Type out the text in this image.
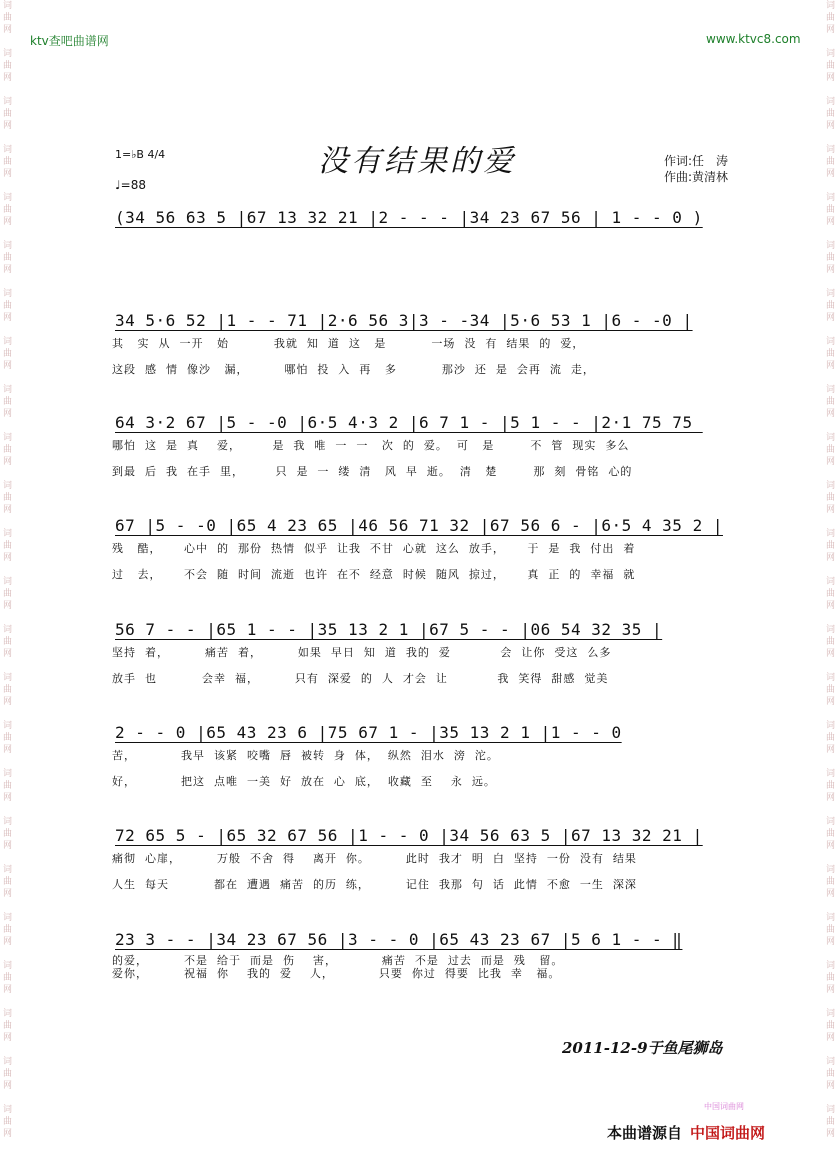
ktv查吧曲谱网	www.ktvc8.com
词
曲
网

词
曲
网

词
曲
网

词
曲
网

词
曲
网

词
曲
网

词
曲
网

词
曲
网

词
曲
网

词
曲
网

词
曲
网

词
曲
网

词
曲
网

词
曲
网

词
曲
网

词
曲
网

词
曲
网

词
曲
网

词
曲
网

词
曲
网

词
曲
网

词
曲
网

词
曲
网

词
曲
网
词
曲
网

词
曲
网

词
曲
网

词
曲
网

词
曲
网

词
曲
网

词
曲
网

词
曲
网

词
曲
网

词
曲
网

词
曲
网

词
曲
网

词
曲
网

词
曲
网

词
曲
网

词
曲
网

词
曲
网

词
曲
网

词
曲
网

词
曲
网

词
曲
网

词
曲
网

词
曲
网

词
曲
网
1=♭B 4/4
♩=88
没有结果的爱	作词:任　涛
作曲:黄清林
(34 56 63 5 |67 13 32 21 |2 - - - |34 23 67 56 | 1 - - 0 )
34 5·6 52 |1 - - 71 |2·6 56 3|3 - -34 |5·6 53 1 |6 - -0 |
其   实  从  一开   始          我就  知  道  这   是          一场  没  有  结果  的  爱，
这段  感  情  像沙   漏，        哪怕  投  入  再   多          那沙  还  是  会再  流  走，
64 3·2 67 |5 - -0 |6·5 4·3 2 |6 7 1 - |5 1 - - |2·1 75 75
哪怕  这  是  真    爱，       是  我  唯  一  一   次  的  爱。  可   是        不  管  现实  多么
到最  后  我  在手  里，       只  是  一  缕  清   风  早  逝。  清   楚        那  刻  骨铭  心的
67 |5 - -0 |65 4 23 65 |46 56 71 32 |67 56 6 - |6·5 4 35 2 |
残   酷，     心中  的  那份  热情  似乎  让我  不甘  心就  这么  放手，     于  是  我  付出  着
过   去，     不会  随  时间  流逝  也许  在不  经意  时候  随风  掠过，     真  正  的  幸福  就
56 7 - - |65 1 - - |35 13 2 1 |67 5 - - |06 54 32 35 |
坚持  着，        痛苦  着，        如果  早日  知  道  我的  爱           会  让你  受这  么多
放手  也          会幸  福，        只有  深爱  的  人  才会  让           我  笑得  甜感  觉美
2 - - 0 |65 43 23 6 |75 67 1 - |35 13 2 1 |1 - - 0
苦，          我早  该紧  咬嘴  唇  被转  身  体，  纵然  泪水  滂  沱。
好，          把这  点唯  一美  好  放在  心  底，  收藏  至    永  远。
72 65 5 - |65 32 67 56 |1 - - 0 |34 56 63 5 |67 13 32 21 |
痛彻  心扉，        万般  不舍  得    离开  你。        此时  我才  明  白  坚持  一份  没有  结果
人生  每天          都在  遭遇  痛苦  的历  练，        记住  我那  句  话  此情  不愈  一生  深深
23 3 - - |34 23 67 56 |3 - - 0 |65 43 23 67 |5 6 1 - - ‖
的爱，        不是  给于  而是  伤    害，          痛苦  不是  过去  而是  残   留。
爱你，        祝福  你    我的  爱    人，          只要  你过  得要  比我  幸   福。
2011-12-9于鱼尾狮岛
中国词曲网
本曲谱源自 中国词曲网
